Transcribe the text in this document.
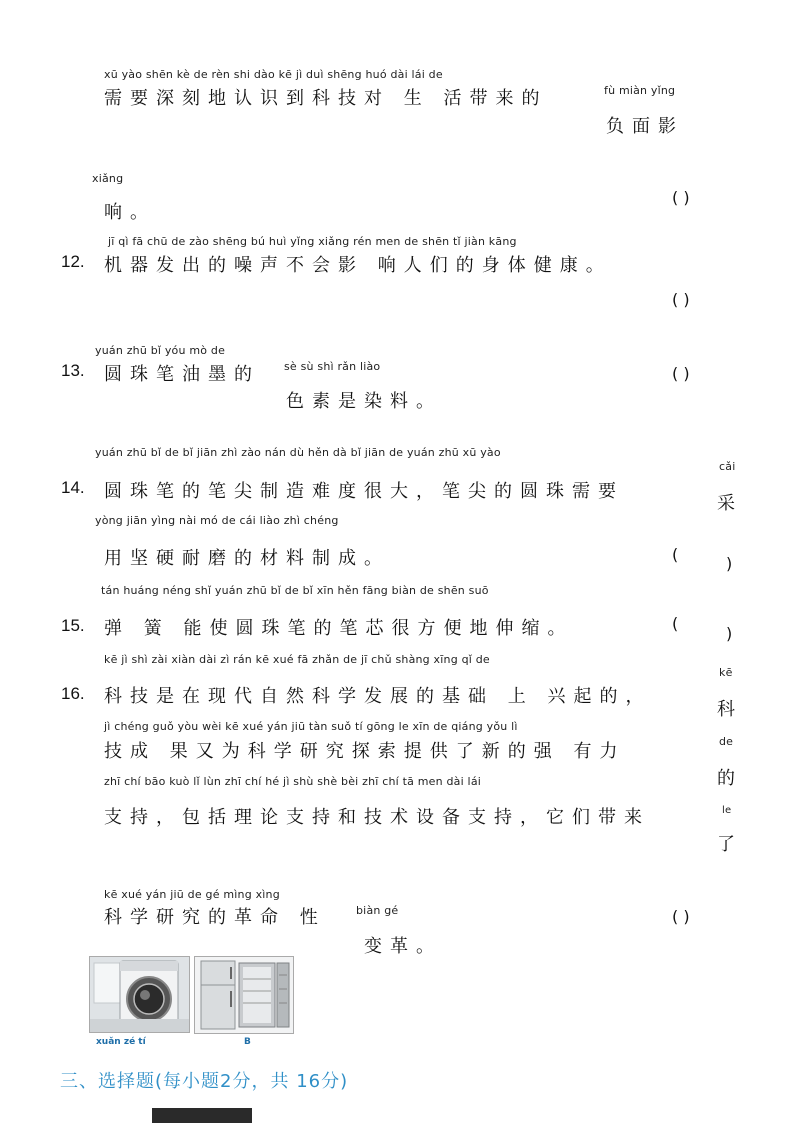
xū yào shēn kè de rèn shi dào kē jì duì shēng huó dài lái de
需要深刻地认识到科技对 生 活带来的	fù miàn yǐng
负面影
xiǎng
响。
( )
jī qì fā chū de zào shēng bú huì yǐng xiǎng rén men de shēn tǐ jiàn kāng
12. 机器发出的噪声不会影 响人们的身体健康。
( )
yuán zhū bǐ yóu mò de
13. 圆珠笔油墨的 sè sù shì rǎn liào
色素是染料。
( )
yuán zhū bǐ de bǐ jiān zhì zào nán dù hěn dà bǐ jiān de yuán zhū xū yào
cǎi
14. 圆珠笔的笔尖制造难度很大，笔尖的圆珠需要
采
yòng jiān yìng nài mó de cái liào zhì chéng
用坚硬耐磨的材料制成。	(	)
tán huáng néng shǐ yuán zhū bǐ de bǐ xīn hěn fāng biàn de shēn suō
15. 弹 簧 能使圆珠笔的笔芯很方便地伸缩。	(
)
kē jì shì zài xiàn dài zì rán kē xué fā zhǎn de jī chǔ shàng xīng qǐ de
kē
16. 科技是在现代自然科学发展的基础 上 兴起的，
科
jì chéng guǒ yòu wèi kē xué yán jiū tàn suǒ tí gōng le xīn de qiáng yǒu lì
de
技成 果又为科学研究探索提供了新的强 有力
的
zhī chí bāo kuò lǐ lùn zhī chí hé jì shù shè bèi zhī chí tā men dài lái
le
支持，包括理论支持和技术设备支持，它们带来
了
kē xué yán jiū de gé mìng xìng
科学研究的革命 性	biàn gé
变革。
( )
xuǎn zé tí	B
三、选择题(每小题2分，共 16分)
